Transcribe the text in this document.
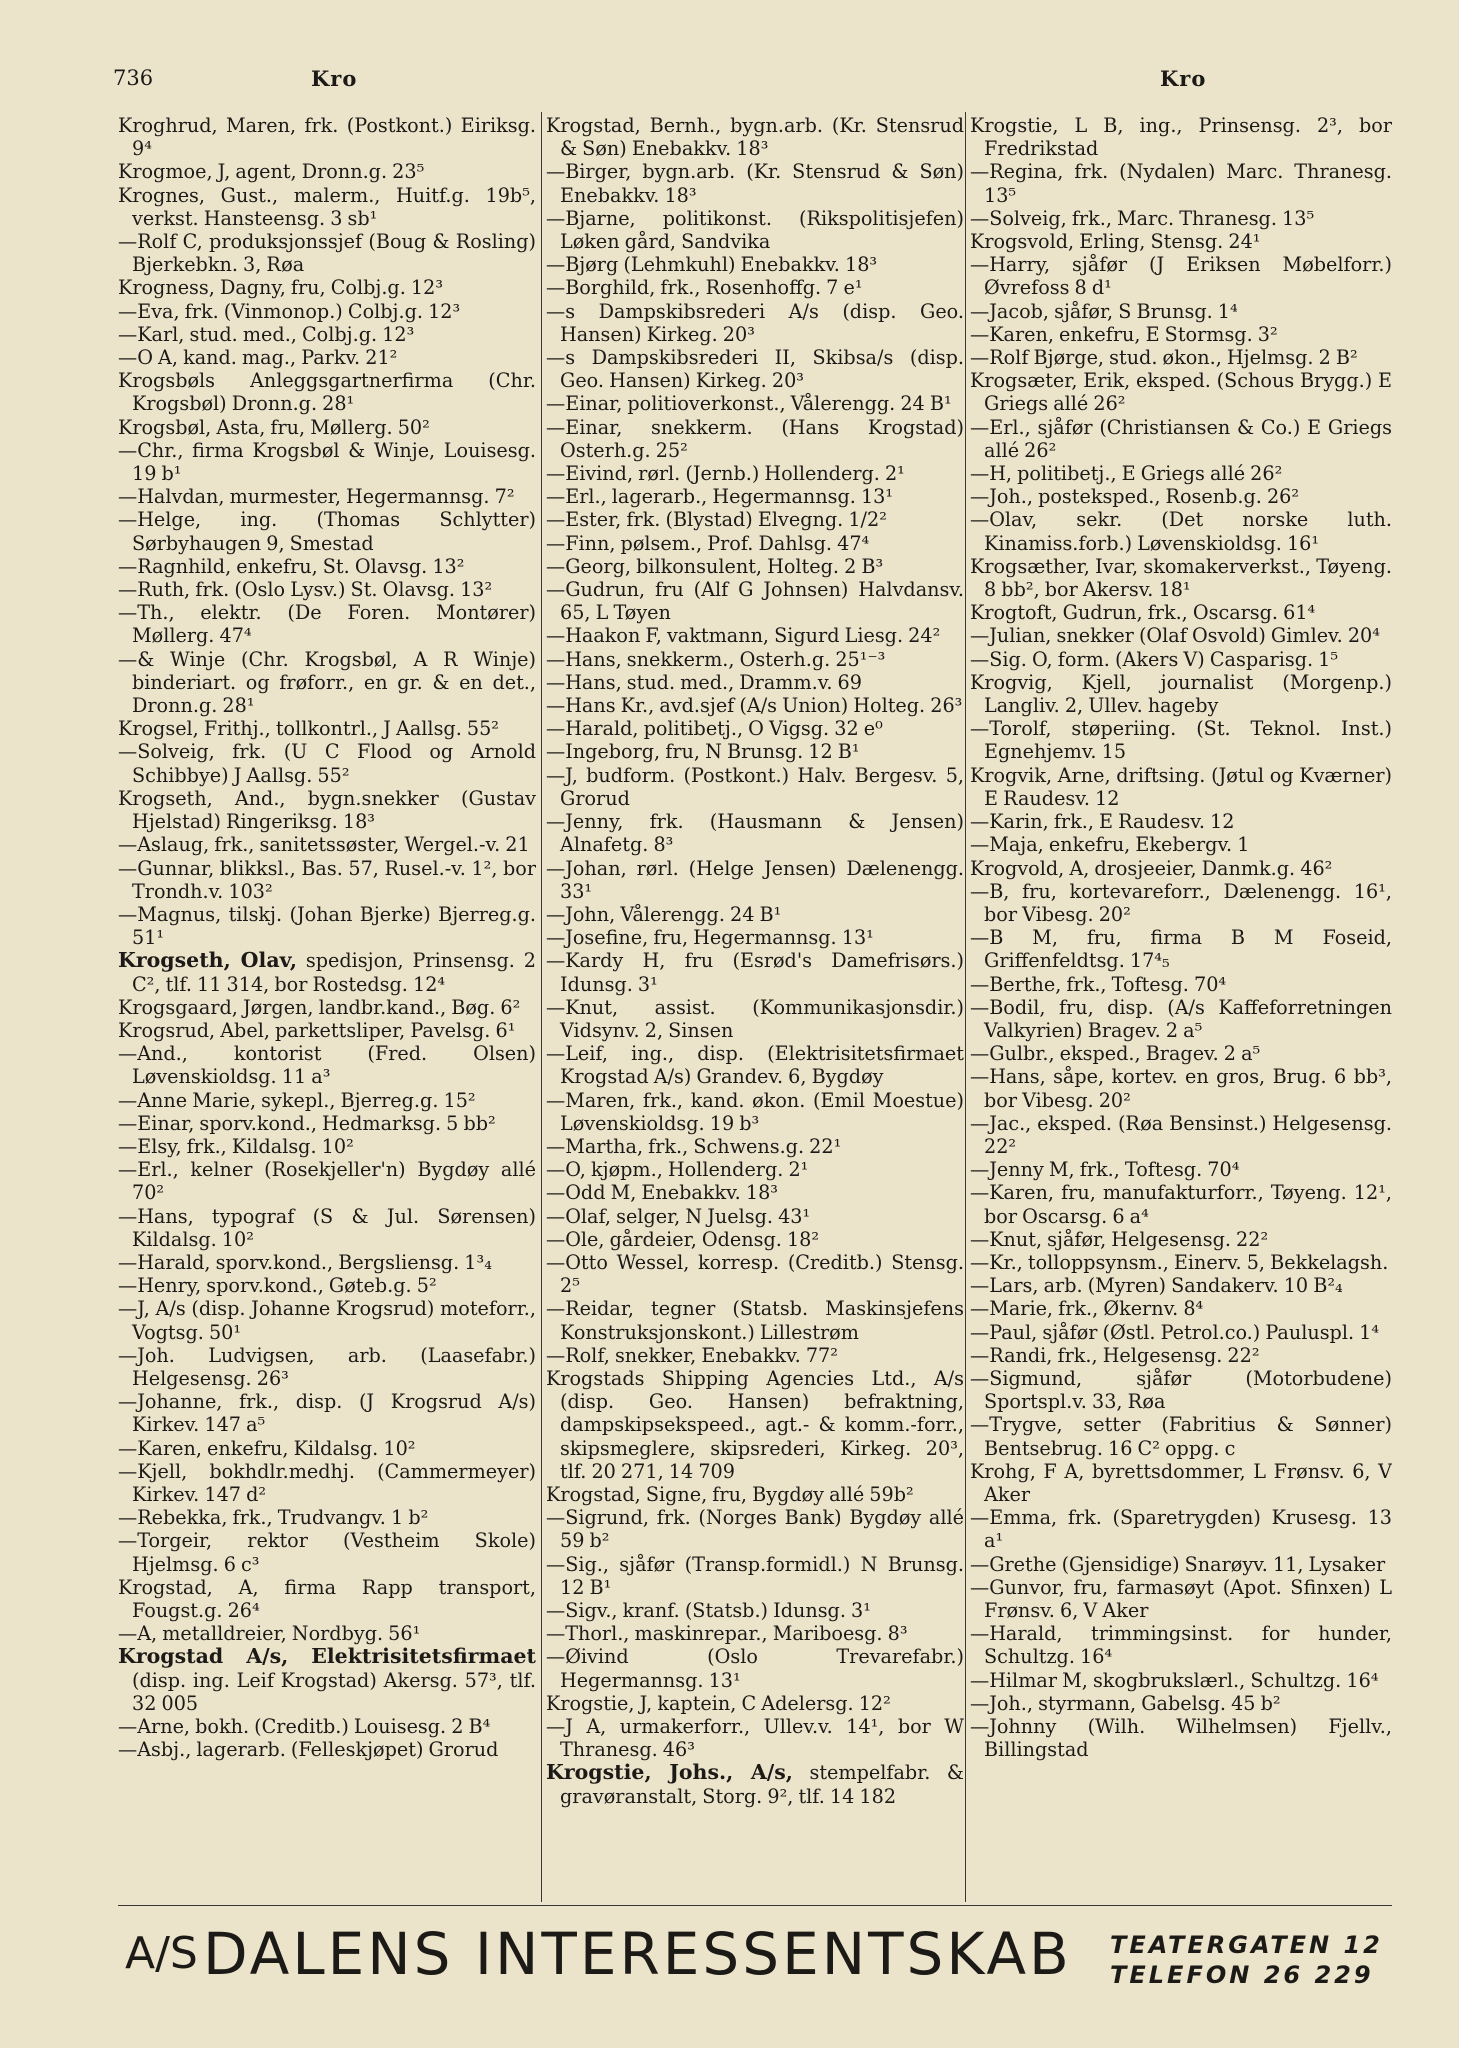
736	Kro	Kro
Kroghrud, Maren, frk. (Postkont.) Eiriksg. 9⁴
Krogmoe, J, agent, Dronn.g. 23⁵
Krognes, Gust., malerm., Huitf.g. 19b⁵, verkst. Hansteensg. 3 sb¹
—Rolf C, produksjonssjef (Boug & Rosling) Bjerkebkn. 3, Røa
Krogness, Dagny, fru, Colbj.g. 12³
—Eva, frk. (Vinmonop.) Colbj.g. 12³
—Karl, stud. med., Colbj.g. 12³
—O A, kand. mag., Parkv. 21²
Krogsbøls Anleggsgartnerfirma (Chr. Krogsbøl) Dronn.g. 28¹
Krogsbøl, Asta, fru, Møllerg. 50²
—Chr., firma Krogsbøl & Winje, Louisesg. 19 b¹
—Halvdan, murmester, Hegermannsg. 7²
—Helge, ing. (Thomas Schlytter) Sørbyhaugen 9, Smestad
—Ragnhild, enkefru, St. Olavsg. 13²
—Ruth, frk. (Oslo Lysv.) St. Olavsg. 13²
—Th., elektr. (De Foren. Montører) Møllerg. 47⁴
—& Winje (Chr. Krogsbøl, A R Winje) binderiart. og frøforr., en gr. & en det., Dronn.g. 28¹
Krogsel, Frithj., tollkontrl., J Aallsg. 55²
—Solveig, frk. (U C Flood og Arnold Schibbye) J Aallsg. 55²
Krogseth, And., bygn.snekker (Gustav Hjelstad) Ringeriksg. 18³
—Aslaug, frk., sanitetssøster, Wergel.-v. 21
—Gunnar, blikksl., Bas. 57, Rusel.-v. 1², bor Trondh.v. 103²
—Magnus, tilskj. (Johan Bjerke) Bjerreg.g. 51¹
Krogseth, Olav, spedisjon, Prinsensg. 2 C², tlf. 11 314, bor Rostedsg. 12⁴
Krogsgaard, Jørgen, landbr.kand., Bøg. 6²
Krogsrud, Abel, parkettsliper, Pavelsg. 6¹
—And., kontorist (Fred. Olsen) Løvenskioldsg. 11 a³
—Anne Marie, sykepl., Bjerreg.g. 15²
—Einar, sporv.kond., Hedmarksg. 5 bb²
—Elsy, frk., Kildalsg. 10²
—Erl., kelner (Rosekjeller'n) Bygdøy allé 70²
—Hans, typograf (S & Jul. Sørensen) Kildalsg. 10²
—Harald, sporv.kond., Bergsliensg. 1³₄
—Henry, sporv.kond., Gøteb.g. 5²
—J, A/s (disp. Johanne Krogsrud) moteforr., Vogtsg. 50¹
—Joh. Ludvigsen, arb. (Laasefabr.) Helgesensg. 26³
—Johanne, frk., disp. (J Krogsrud A/s) Kirkev. 147 a⁵
—Karen, enkefru, Kildalsg. 10²
—Kjell, bokhdlr.medhj. (Cammermeyer) Kirkev. 147 d²
—Rebekka, frk., Trudvangv. 1 b²
—Torgeir, rektor (Vestheim Skole) Hjelmsg. 6 c³
Krogstad, A, firma Rapp transport, Fougst.g. 26⁴
—A, metalldreier, Nordbyg. 56¹
Krogstad A/s, Elektrisitetsfirmaet (disp. ing. Leif Krogstad) Akersg. 57³, tlf. 32 005
—Arne, bokh. (Creditb.) Louisesg. 2 B⁴
—Asbj., lagerarb. (Felleskjøpet) Grorud
Krogstad, Bernh., bygn.arb. (Kr. Stensrud & Søn) Enebakkv. 18³
—Birger, bygn.arb. (Kr. Stensrud & Søn) Enebakkv. 18³
—Bjarne, politikonst. (Rikspolitisjefen) Løken gård, Sandvika
—Bjørg (Lehmkuhl) Enebakkv. 18³
—Borghild, frk., Rosenhoffg. 7 e¹
—s Dampskibsrederi A/s (disp. Geo. Hansen) Kirkeg. 20³
—s Dampskibsrederi II, Skibsa/s (disp. Geo. Hansen) Kirkeg. 20³
—Einar, politioverkonst., Vålerengg. 24 B¹
—Einar, snekkerm. (Hans Krogstad) Osterh.g. 25²
—Eivind, rørl. (Jernb.) Hollenderg. 2¹
—Erl., lagerarb., Hegermannsg. 13¹
—Ester, frk. (Blystad) Elvegng. 1/2²
—Finn, pølsem., Prof. Dahlsg. 47⁴
—Georg, bilkonsulent, Holteg. 2 B³
—Gudrun, fru (Alf G Johnsen) Halvdansv. 65, L Tøyen
—Haakon F, vaktmann, Sigurd Liesg. 24²
—Hans, snekkerm., Osterh.g. 25¹⁻³
—Hans, stud. med., Dramm.v. 69
—Hans Kr., avd.sjef (A/s Union) Holteg. 26³
—Harald, politibetj., O Vigsg. 32 e⁰
—Ingeborg, fru, N Brunsg. 12 B¹
—J, budform. (Postkont.) Halv. Bergesv. 5, Grorud
—Jenny, frk. (Hausmann & Jensen) Alnafetg. 8³
—Johan, rørl. (Helge Jensen) Dælenengg. 33¹
—John, Vålerengg. 24 B¹
—Josefine, fru, Hegermannsg. 13¹
—Kardy H, fru (Esrød's Damefrisørs.) Idunsg. 3¹
—Knut, assist. (Kommunikasjonsdir.) Vidsynv. 2, Sinsen
—Leif, ing., disp. (Elektrisitetsfirmaet Krogstad A/s) Grandev. 6, Bygdøy
—Maren, frk., kand. økon. (Emil Moestue) Løvenskioldsg. 19 b³
—Martha, frk., Schwens.g. 22¹
—O, kjøpm., Hollenderg. 2¹
—Odd M, Enebakkv. 18³
—Olaf, selger, N Juelsg. 43¹
—Ole, gårdeier, Odensg. 18²
—Otto Wessel, korresp. (Creditb.) Stensg. 2⁵
—Reidar, tegner (Statsb. Maskinsjefens Konstruksjonskont.) Lillestrøm
—Rolf, snekker, Enebakkv. 77²
Krogstads Shipping Agencies Ltd., A/s (disp. Geo. Hansen) befraktning, dampskipsekspeed., agt.- & komm.-forr., skipsmeglere, skipsrederi, Kirkeg. 20³, tlf. 20 271, 14 709
Krogstad, Signe, fru, Bygdøy allé 59b²
—Sigrund, frk. (Norges Bank) Bygdøy allé 59 b²
—Sig., sjåfør (Transp.formidl.) N Brunsg. 12 B¹
—Sigv., kranf. (Statsb.) Idunsg. 3¹
—Thorl., maskinrepar., Mariboesg. 8³
—Øivind (Oslo Trevarefabr.) Hegermannsg. 13¹
Krogstie, J, kaptein, C Adelersg. 12²
—J A, urmakerforr., Ullev.v. 14¹, bor W Thranesg. 46³
Krogstie, Johs., A/s, stempelfabr. & gravøranstalt, Storg. 9², tlf. 14 182
Krogstie, L B, ing., Prinsensg. 2³, bor Fredrikstad
—Regina, frk. (Nydalen) Marc. Thranesg. 13⁵
—Solveig, frk., Marc. Thranesg. 13⁵
Krogsvold, Erling, Stensg. 24¹
—Harry, sjåfør (J Eriksen Møbelforr.) Øvrefoss 8 d¹
—Jacob, sjåfør, S Brunsg. 1⁴
—Karen, enkefru, E Stormsg. 3²
—Rolf Bjørge, stud. økon., Hjelmsg. 2 B²
Krogsæter, Erik, eksped. (Schous Brygg.) E Griegs allé 26²
—Erl., sjåfør (Christiansen & Co.) E Griegs allé 26²
—H, politibetj., E Griegs allé 26²
—Joh., posteksped., Rosenb.g. 26²
—Olav, sekr. (Det norske luth. Kinamiss.forb.) Løvenskioldsg. 16¹
Krogsæther, Ivar, skomakerverkst., Tøyeng. 8 bb², bor Akersv. 18¹
Krogtoft, Gudrun, frk., Oscarsg. 61⁴
—Julian, snekker (Olaf Osvold) Gimlev. 20⁴
—Sig. O, form. (Akers V) Casparisg. 1⁵
Krogvig, Kjell, journalist (Morgenp.) Langliv. 2, Ullev. hageby
—Torolf, støperiing. (St. Teknol. Inst.) Egnehjemv. 15
Krogvik, Arne, driftsing. (Jøtul og Kværner) E Raudesv. 12
—Karin, frk., E Raudesv. 12
—Maja, enkefru, Ekebergv. 1
Krogvold, A, drosjeeier, Danmk.g. 46²
—B, fru, kortevareforr., Dælenengg. 16¹, bor Vibesg. 20²
—B M, fru, firma B M Foseid, Griffenfeldtsg. 17⁴₅
—Berthe, frk., Toftesg. 70⁴
—Bodil, fru, disp. (A/s Kaffeforretningen Valkyrien) Bragev. 2 a⁵
—Gulbr., eksped., Bragev. 2 a⁵
—Hans, såpe, kortev. en gros, Brug. 6 bb³, bor Vibesg. 20²
—Jac., eksped. (Røa Bensinst.) Helgesensg. 22²
—Jenny M, frk., Toftesg. 70⁴
—Karen, fru, manufakturforr., Tøyeng. 12¹, bor Oscarsg. 6 a⁴
—Knut, sjåfør, Helgesensg. 22²
—Kr., tolloppsynsm., Einerv. 5, Bekkelagsh.
—Lars, arb. (Myren) Sandakerv. 10 B²₄
—Marie, frk., Økernv. 8⁴
—Paul, sjåfør (Østl. Petrol.co.) Pauluspl. 1⁴
—Randi, frk., Helgesensg. 22²
—Sigmund, sjåfør (Motorbudene) Sportspl.v. 33, Røa
—Trygve, setter (Fabritius & Sønner) Bentsebrug. 16 C² oppg. c
Krohg, F A, byrettsdommer, L Frønsv. 6, V Aker
—Emma, frk. (Sparetrygden) Krusesg. 13 a¹
—Grethe (Gjensidige) Snarøyv. 11, Lysaker
—Gunvor, fru, farmasøyt (Apot. Sfinxen) L Frønsv. 6, V Aker
—Harald, trimmingsinst. for hunder, Schultzg. 16⁴
—Hilmar M, skogbrukslærl., Schultzg. 16⁴
—Joh., styrmann, Gabelsg. 45 b²
—Johnny (Wilh. Wilhelmsen) Fjellv., Billingstad
A/S DALENS INTERESSENTSKAB TEATERGATEN 12
TELEFON 26 229
